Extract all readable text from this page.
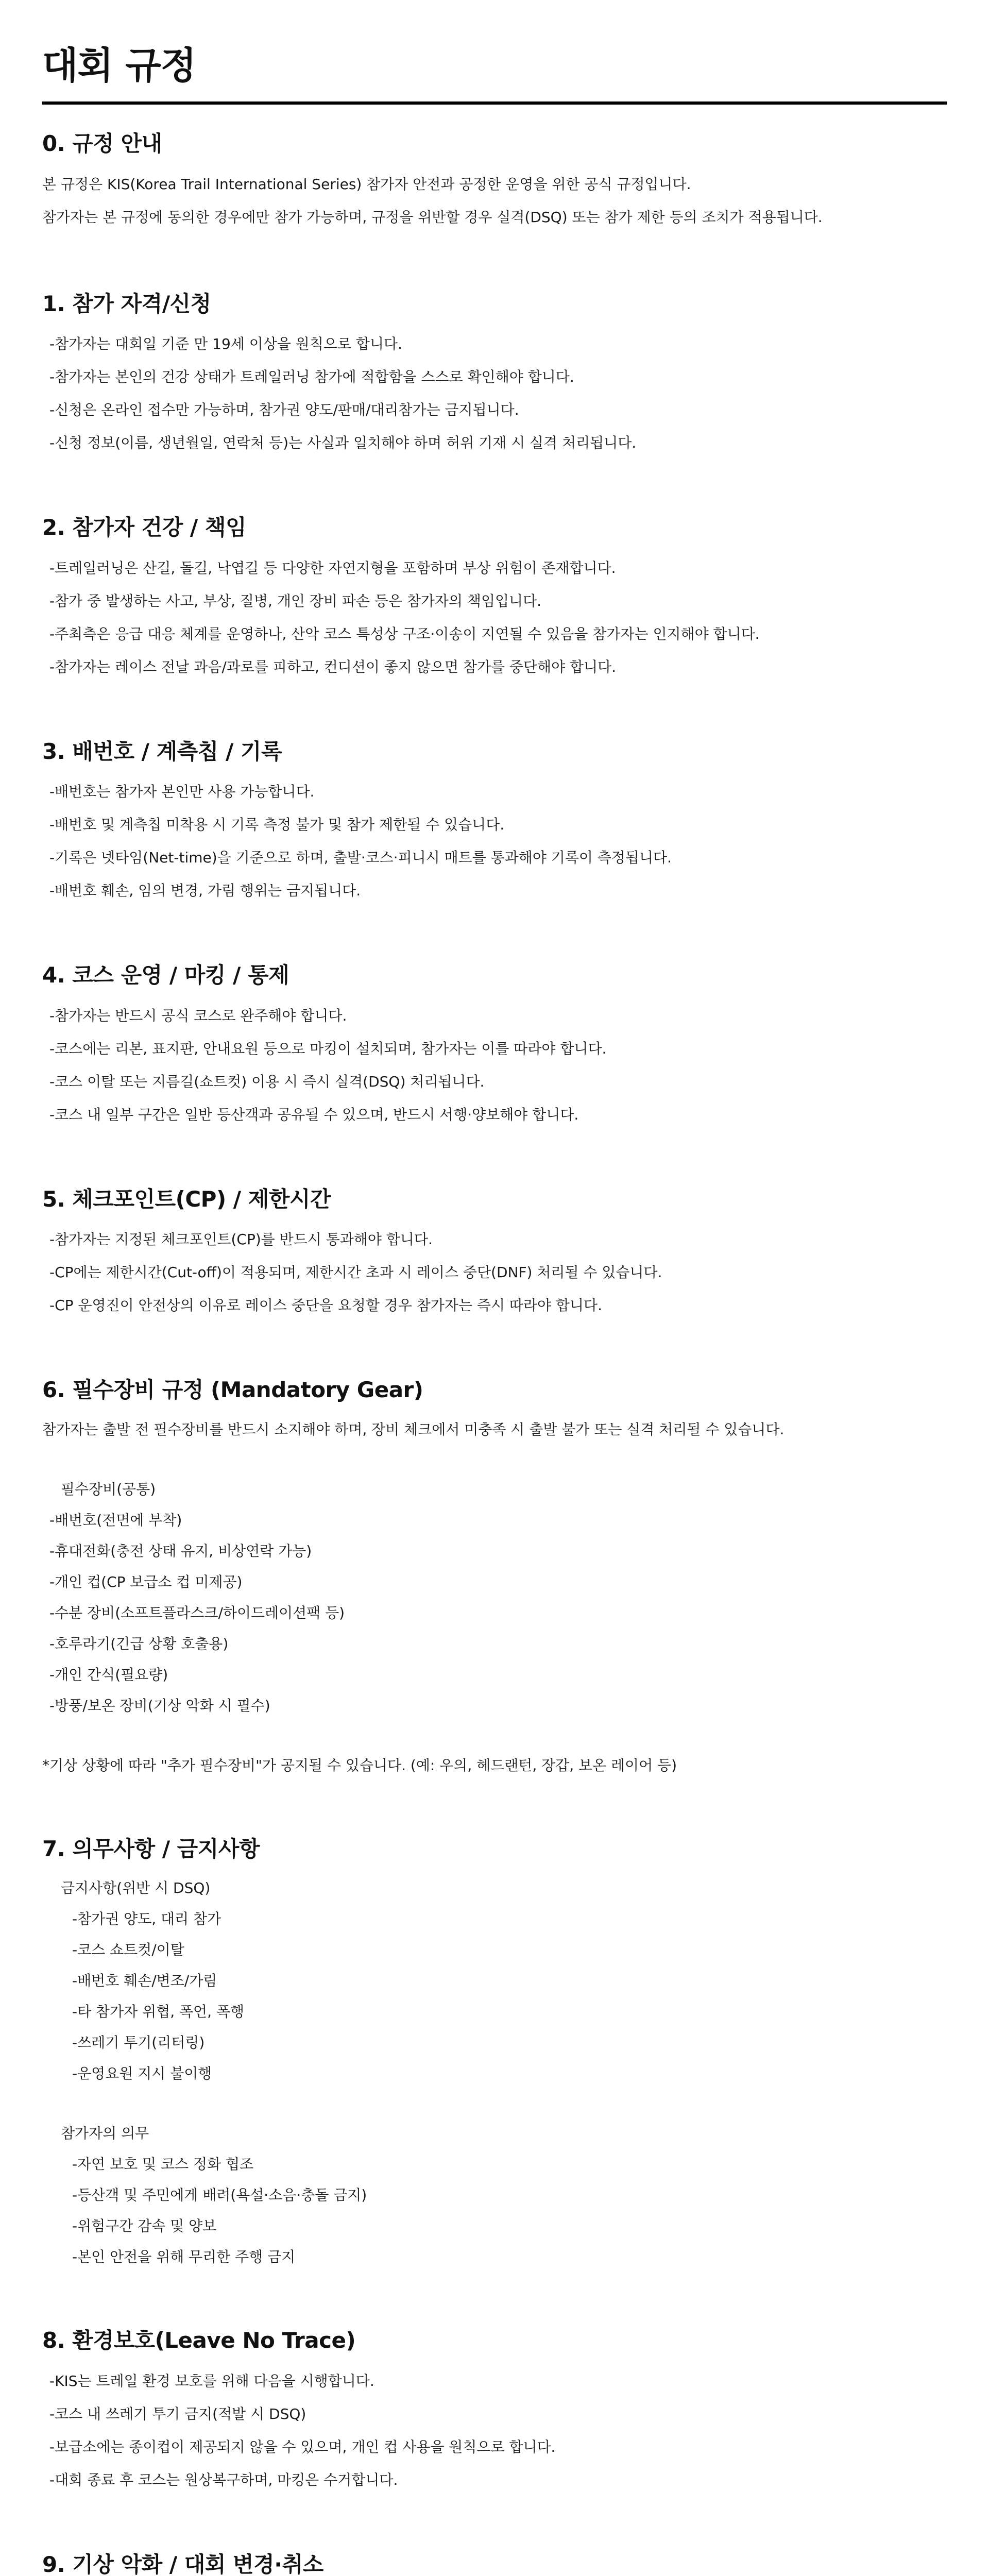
대회 규정
0. 규정 안내
본 규정은 KIS(Korea Trail International Series) 참가자 안전과 공정한 운영을 위한 공식 규정입니다.
참가자는 본 규정에 동의한 경우에만 참가 가능하며, 규정을 위반할 경우 실격(DSQ) 또는 참가 제한 등의 조치가 적용됩니다.
1. 참가 자격/신청
-참가자는 대회일 기준 만 19세 이상을 원칙으로 합니다.
-참가자는 본인의 건강 상태가 트레일러닝 참가에 적합함을 스스로 확인해야 합니다.
-신청은 온라인 접수만 가능하며, 참가권 양도/판매/대리참가는 금지됩니다.
-신청 정보(이름, 생년월일, 연락처 등)는 사실과 일치해야 하며 허위 기재 시 실격 처리됩니다.
2. 참가자 건강 / 책임
-트레일러닝은 산길, 돌길, 낙엽길 등 다양한 자연지형을 포함하며 부상 위험이 존재합니다.
-참가 중 발생하는 사고, 부상, 질병, 개인 장비 파손 등은 참가자의 책임입니다.
-주최측은 응급 대응 체계를 운영하나, 산악 코스 특성상 구조·이송이 지연될 수 있음을 참가자는 인지해야 합니다.
-참가자는 레이스 전날 과음/과로를 피하고, 컨디션이 좋지 않으면 참가를 중단해야 합니다.
3. 배번호 / 계측칩 / 기록
-배번호는 참가자 본인만 사용 가능합니다.
-배번호 및 계측칩 미착용 시 기록 측정 불가 및 참가 제한될 수 있습니다.
-기록은 넷타임(Net-time)을 기준으로 하며, 출발·코스·피니시 매트를 통과해야 기록이 측정됩니다.
-배번호 훼손, 임의 변경, 가림 행위는 금지됩니다.
4. 코스 운영 / 마킹 / 통제
-참가자는 반드시 공식 코스로 완주해야 합니다.
-코스에는 리본, 표지판, 안내요원 등으로 마킹이 설치되며, 참가자는 이를 따라야 합니다.
-코스 이탈 또는 지름길(쇼트컷) 이용 시 즉시 실격(DSQ) 처리됩니다.
-코스 내 일부 구간은 일반 등산객과 공유될 수 있으며, 반드시 서행·양보해야 합니다.
5. 체크포인트(CP) / 제한시간
-참가자는 지정된 체크포인트(CP)를 반드시 통과해야 합니다.
-CP에는 제한시간(Cut-off)이 적용되며, 제한시간 초과 시 레이스 중단(DNF) 처리될 수 있습니다.
-CP 운영진이 안전상의 이유로 레이스 중단을 요청할 경우 참가자는 즉시 따라야 합니다.
6. 필수장비 규정 (Mandatory Gear)
참가자는 출발 전 필수장비를 반드시 소지해야 하며, 장비 체크에서 미충족 시 출발 불가 또는 실격 처리될 수 있습니다.
필수장비(공통)
-배번호(전면에 부착)
-휴대전화(충전 상태 유지, 비상연락 가능)
-개인 컵(CP 보급소 컵 미제공)
-수분 장비(소프트플라스크/하이드레이션팩 등)
-호루라기(긴급 상황 호출용)
-개인 간식(필요량)
-방풍/보온 장비(기상 악화 시 필수)
*기상 상황에 따라 "추가 필수장비"가 공지될 수 있습니다. (예: 우의, 헤드랜턴, 장갑, 보온 레이어 등)
7. 의무사항 / 금지사항
금지사항(위반 시 DSQ)
-참가권 양도, 대리 참가
-코스 쇼트컷/이탈
-배번호 훼손/변조/가림
-타 참가자 위협, 폭언, 폭행
-쓰레기 투기(리터링)
-운영요원 지시 불이행
참가자의 의무
-자연 보호 및 코스 정화 협조
-등산객 및 주민에게 배려(욕설·소음·충돌 금지)
-위험구간 감속 및 양보
-본인 안전을 위해 무리한 주행 금지
8. 환경보호(Leave No Trace)
-KIS는 트레일 환경 보호를 위해 다음을 시행합니다.
-코스 내 쓰레기 투기 금지(적발 시 DSQ)
-보급소에는 종이컵이 제공되지 않을 수 있으며, 개인 컵 사용을 원칙으로 합니다.
-대회 종료 후 코스는 원상복구하며, 마킹은 수거합니다.
9. 기상 악화 / 대회 변경·취소
